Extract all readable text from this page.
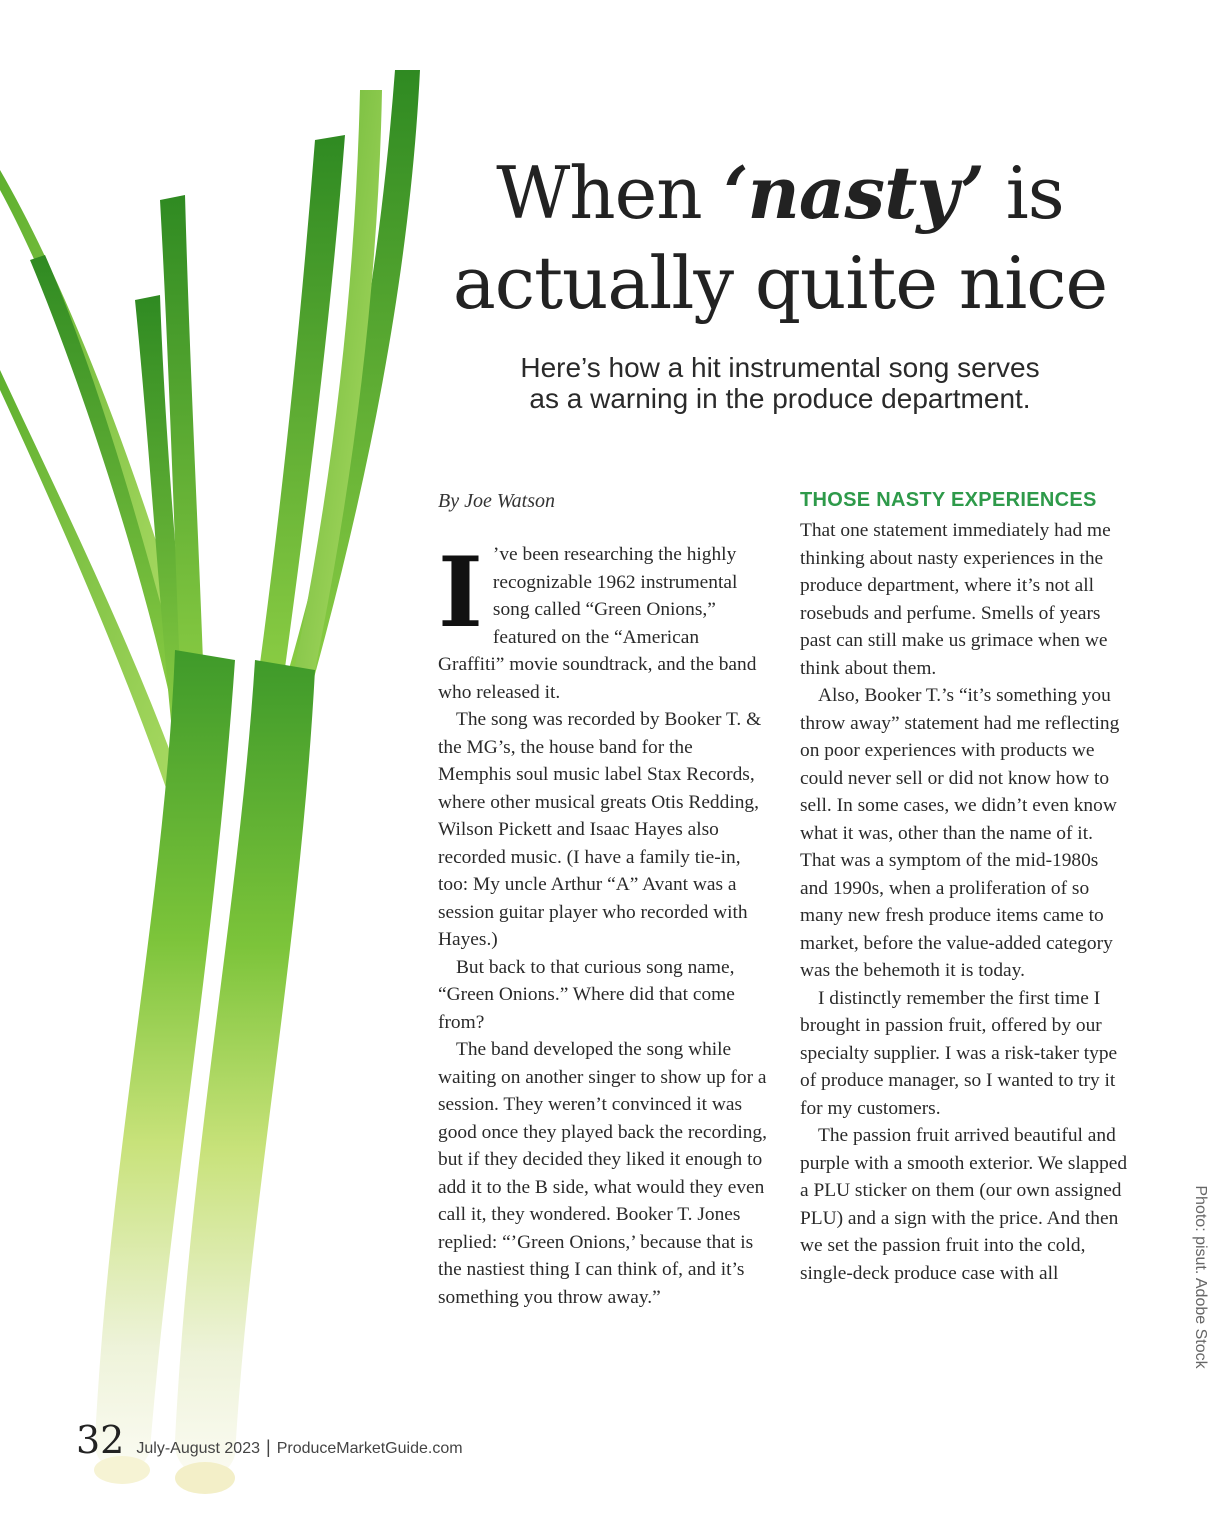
When ‘nasty’ is
actually quite nice

Here’s how a hit instrumental song serves
as a warning in the produce department.

By Joe Watson

I ’ve been researching the highly recognizable 1962 instrumental song called “Green Onions,” featured on the “American Graffiti” movie soundtrack, and the band who released it.

The song was recorded by Booker T. & the MG’s, the house band for the Memphis soul music label Stax Records, where other musical greats Otis Redding, Wilson Pickett and Isaac Hayes also recorded music. (I have a family tie-in, too: My uncle Arthur “A” Avant was a session guitar player who recorded with Hayes.)

But back to that curious song name, “Green Onions.” Where did that come from?

The band developed the song while waiting on another singer to show up for a session. They weren’t convinced it was good once they played back the recording, but if they decided they liked it enough to add it to the B side, what would they even call it, they wondered. Booker T. Jones replied: “’Green Onions,’ because that is the nastiest thing I can think of, and it’s something you throw away.”

THOSE NASTY EXPERIENCES

That one statement immediately had me thinking about nasty experiences in the produce department, where it’s not all rosebuds and perfume. Smells of years past can still make us grimace when we think about them.

Also, Booker T.’s “it’s something you throw away” statement had me reflecting on poor experiences with products we could never sell or did not know how to sell. In some cases, we didn’t even know what it was, other than the name of it. That was a symptom of the mid-1980s and 1990s, when a proliferation of so many new fresh produce items came to market, before the value-added category was the behemoth it is today.

I distinctly remember the first time I brought in passion fruit, offered by our specialty supplier. I was a risk-taker type of produce manager, so I wanted to try it for my customers.

The passion fruit arrived beautiful and purple with a smooth exterior. We slapped a PLU sticker on them (our own assigned PLU) and a sign with the price. And then we set the passion fruit into the cold, single-deck produce case with all	Photo: pisut. Adobe Stock
32 July-August 2023 | ProduceMarketGuide.com
